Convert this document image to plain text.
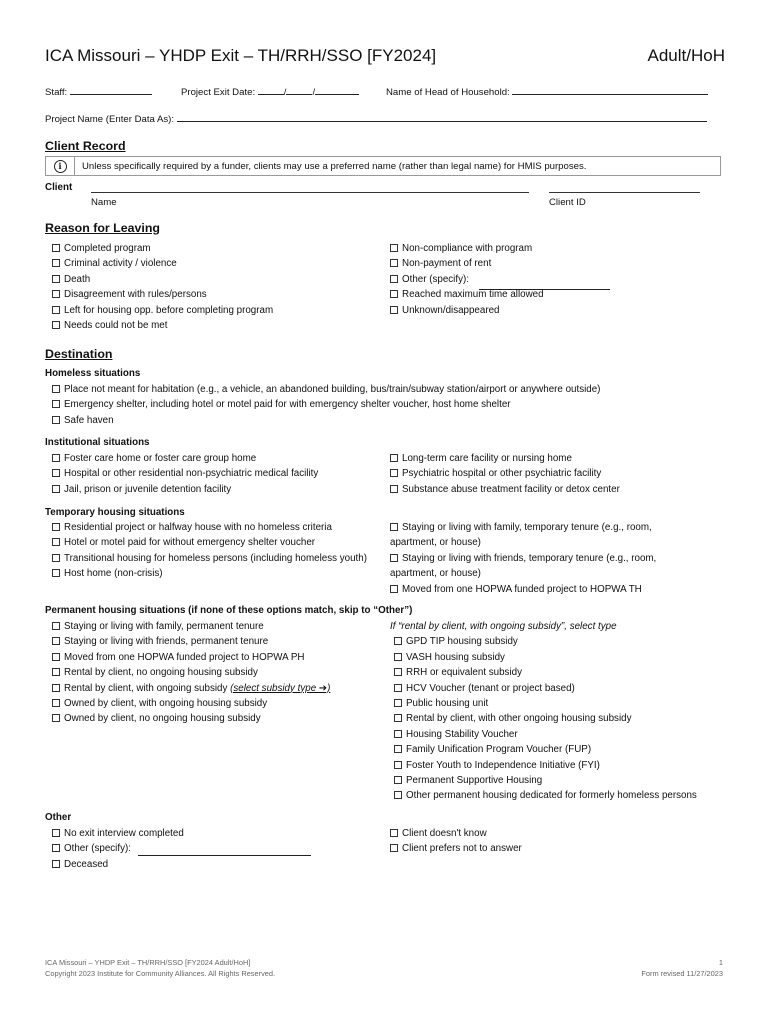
ICA Missouri – YHDP Exit – TH/RRH/SSO [FY2024]	Adult/HoH
Staff:	Project Exit Date:	/	/	Name of Head of Household:
Project Name (Enter Data As):
Client Record
i	Unless specifically required by a funder, clients may use a preferred name (rather than legal name) for HMIS purposes.
Client
Name	Client ID
Reason for Leaving
Completed program
Criminal activity / violence
Death
Disagreement with rules/persons
Left for housing opp. before completing program
Needs could not be met
Non-compliance with program
Non-payment of rent
Other (specify):
Reached maximum time allowed
Unknown/disappeared
Destination
Homeless situations
Place not meant for habitation (e.g., a vehicle, an abandoned building, bus/train/subway station/airport or anywhere outside)
Emergency shelter, including hotel or motel paid for with emergency shelter voucher, host home shelter
Safe haven
Institutional situations
Foster care home or foster care group home
Hospital or other residential non-psychiatric medical facility
Jail, prison or juvenile detention facility
Long-term care facility or nursing home
Psychiatric hospital or other psychiatric facility
Substance abuse treatment facility or detox center
Temporary housing situations
Residential project or halfway house with no homeless criteria
Hotel or motel paid for without emergency shelter voucher
Transitional housing for homeless persons (including homeless youth)
Host home (non-crisis)
Staying or living with family, temporary tenure (e.g., room,
apartment, or house)
Staying or living with friends, temporary tenure (e.g., room,
apartment, or house)
Moved from one HOPWA funded project to HOPWA TH
Permanent housing situations (if none of these options match, skip to “Other”)
Staying or living with family, permanent tenure
Staying or living with friends, permanent tenure
Moved from one HOPWA funded project to HOPWA PH
Rental by client, no ongoing housing subsidy
Rental by client, with ongoing subsidy (select subsidy type ➔)
Owned by client, with ongoing housing subsidy
Owned by client, no ongoing housing subsidy
If “rental by client, with ongoing subsidy”, select type
GPD TIP housing subsidy
VASH housing subsidy
RRH or equivalent subsidy
HCV Voucher (tenant or project based)
Public housing unit
Rental by client, with other ongoing housing subsidy
Housing Stability Voucher
Family Unification Program Voucher (FUP)
Foster Youth to Independence Initiative (FYI)
Permanent Supportive Housing
Other permanent housing dedicated for formerly homeless persons
Other
No exit interview completed
Other (specify):
Deceased
Client doesn't know
Client prefers not to answer
ICA Missouri – YHDP Exit – TH/RRH/SSO [FY2024 Adult/HoH]
Copyright 2023 Institute for Community Alliances. All Rights Reserved.
1
Form revised 11/27/2023
